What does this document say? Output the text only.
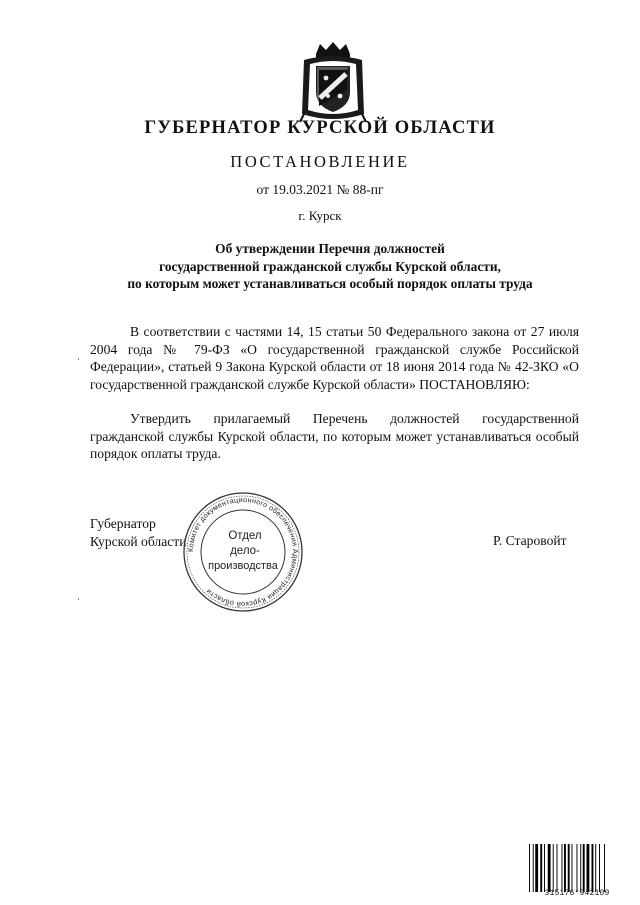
ГУБЕРНАТОР КУРСКОЙ ОБЛАСТИ
ПОСТАНОВЛЕНИЕ
от 19.03.2021 № 88-пг
г. Курск
Об утверждении Перечня должностей
государственной гражданской службы Курской области,
по которым может устанавливаться особый порядок оплаты труда

В соответствии с частями 14, 15 статьи 50 Федерального закона от 27 июля 2004 года № 79-ФЗ «О государственной гражданской службе Российской Федерации», статьей 9 Закона Курской области от 18 июня 2014 года № 42-ЗКО «О государственной гражданской службе Курской области» ПОСТАНОВЛЯЮ:

Утвердить прилагаемый Перечень должностей государственной гражданской службы Курской области, по которым может устанавливаться особый порядок оплаты труда.

Губернатор
Курской области
Комитет документационного обеспечения Администрации Курской области
Отдел
дело-
производства
Р. Старовойт
315176*942109
